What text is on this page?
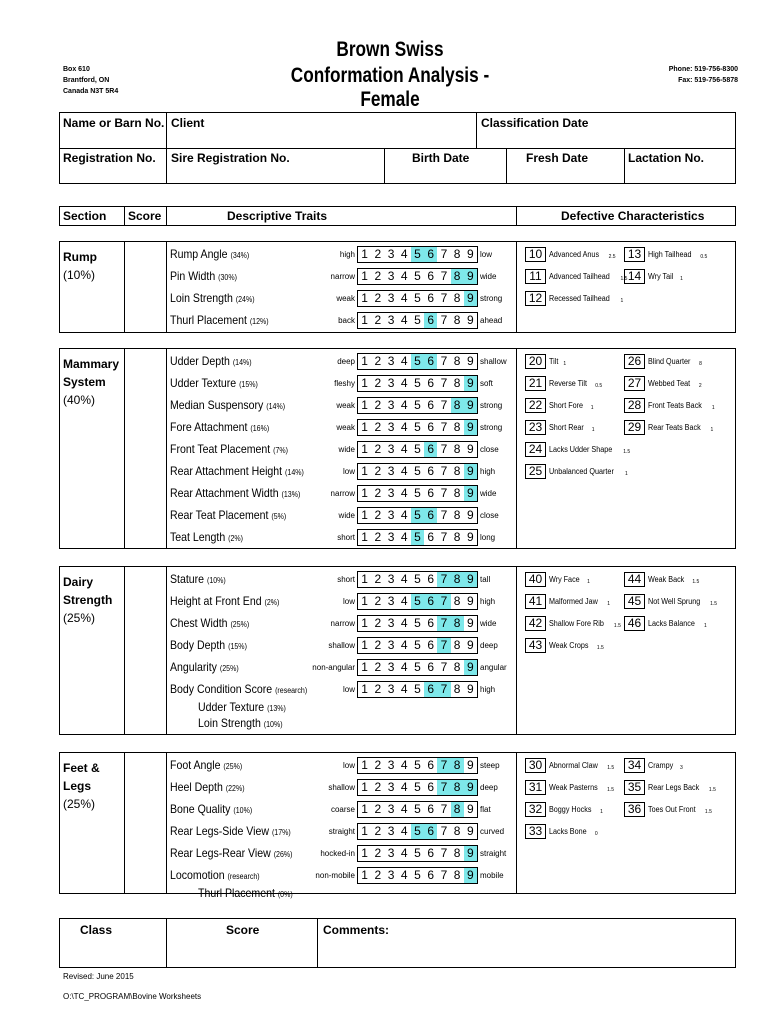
Box 610
Brantford, ON
Canada N3T 5R4
Brown Swiss
Conformation Analysis - Female
Phone: 519-756-8300
Fax: 519-756-5878
Name or Barn No. Client	Classification Date
Registration No. Sire Registration No.	Birth Date	Fresh Date	Lactation No.
Section Score	Descriptive Traits	Defective Characteristics
Rump
(10%)
Rump Angle (34%)	high 1 2 3 4 5 6 7 8 9 low
Pin Width (30%)	narrow 1 2 3 4 5 6 7 8 9 wide
Loin Strength (24%)	weak 1 2 3 4 5 6 7 8 9 strong
Thurl Placement (12%)	back 1 2 3 4 5 6 7 8 9 ahead
10 Advanced Anus 2.5	13 High Tailhead 0.5
11 Advanced Tailhead 1.5 14 Wry Tail 1
12 Recessed Tailhead 1
Mammary System
(40%)
Udder Depth (14%)	deep 1 2 3 4 5 6 7 8 9 shallow
Udder Texture (15%)	fleshy 1 2 3 4 5 6 7 8 9 soft
Median Suspensory (14%)	weak 1 2 3 4 5 6 7 8 9 strong
Fore Attachment (16%)	weak 1 2 3 4 5 6 7 8 9 strong
Front Teat Placement (7%)	wide 1 2 3 4 5 6 7 8 9 close
Rear Attachment Height (14%)	low 1 2 3 4 5 6 7 8 9 high
Rear Attachment Width (13%)	narrow 1 2 3 4 5 6 7 8 9 wide
Rear Teat Placement (5%)	wide 1 2 3 4 5 6 7 8 9 close
Teat Length (2%)	short 1 2 3 4 5 6 7 8 9 long
20 Tilt 1	26 Blind Quarter 8
21 Reverse Tilt 0.5	27 Webbed Teat 2
22 Short Fore 1	28 Front Teats Back 1
23 Short Rear 1	29 Rear Teats Back 1
24 Lacks Udder Shape 1.5
25 Unbalanced Quarter 1
Dairy Strength
(25%)
Stature (10%)	short 1 2 3 4 5 6 7 8 9 tall
Height at Front End (2%)	low 1 2 3 4 5 6 7 8 9 high
Chest Width (25%)	narrow 1 2 3 4 5 6 7 8 9 wide
Body Depth (15%)	shallow 1 2 3 4 5 6 7 8 9 deep
Angularity (25%)	non-angular 1 2 3 4 5 6 7 8 9 angular
Body Condition Score (research)	low 1 2 3 4 5 6 7 8 9 high
Udder Texture (13%)
Loin Strength (10%)
40 Wry Face 1	44 Weak Back 1.5
41 Malformed Jaw 1	45 Not Well Sprung 1.5
42 Shallow Fore Rib 1.5 46 Lacks Balance 1
43 Weak Crops 1.5
Feet & Legs
(25%)
Foot Angle (25%)	low 1 2 3 4 5 6 7 8 9 steep
Heel Depth (22%)	shallow 1 2 3 4 5 6 7 8 9 deep
Bone Quality (10%)	coarse 1 2 3 4 5 6 7 8 9 flat
Rear Legs-Side View (17%)	straight 1 2 3 4 5 6 7 8 9 curved
Rear Legs-Rear View (26%)	hocked-in 1 2 3 4 5 6 7 8 9 straight
Locomotion (research)	non-mobile 1 2 3 4 5 6 7 8 9 mobile
Thurl Placement (0%)
30 Abnormal Claw 1.5	34 Crampy 3
31 Weak Pasterns 1.5	35 Rear Legs Back 1.5
32 Boggy Hocks 1	36 Toes Out Front 1.5
33 Lacks Bone 0
Class	Score	Comments:
Revised: June 2015
O:\TC_PROGRAM\Bovine Worksheets
